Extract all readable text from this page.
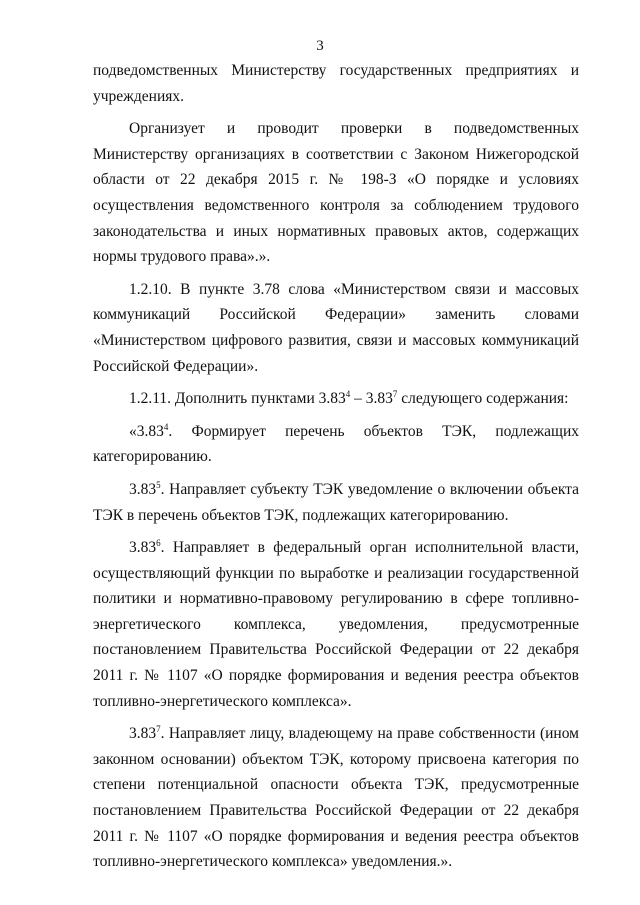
3

подведомственных Министерству государственных предприятиях и учреждениях.

Организует и проводит проверки в подведомственных Министерству организациях в соответствии с Законом Нижегородской области от 22 декабря 2015 г. № 198-З «О порядке и условиях осуществления ведомственного контроля за соблюдением трудового законодательства и иных нормативных правовых актов, содержащих нормы трудового права».».

1.2.10. В пункте 3.78 слова «Министерством связи и массовых коммуникаций Российской Федерации» заменить словами «Министерством цифрового развития, связи и массовых коммуникаций Российской Федерации».

1.2.11. Дополнить пунктами 3.83$^4$ – 3.83$^7$ следующего содержания:

«3.83$^4$. Формирует перечень объектов ТЭК, подлежащих категорированию.

3.83$^5$. Направляет субъекту ТЭК уведомление о включении объекта ТЭК в перечень объектов ТЭК, подлежащих категорированию.

3.83$^6$. Направляет в федеральный орган исполнительной власти, осуществляющий функции по выработке и реализации государственной политики и нормативно-правовому регулированию в сфере топливно-энергетического комплекса, уведомления, предусмотренные постановлением Правительства Российской Федерации от 22 декабря 2011 г. № 1107 «О порядке формирования и ведения реестра объектов топливно-энергетического комплекса».

3.83$^7$. Направляет лицу, владеющему на праве собственности (ином законном основании) объектом ТЭК, которому присвоена категория по степени потенциальной опасности объекта ТЭК, предусмотренные постановлением Правительства Российской Федерации от 22 декабря 2011 г. № 1107 «О порядке формирования и ведения реестра объектов топливно-энергетического комплекса» уведомления.».
